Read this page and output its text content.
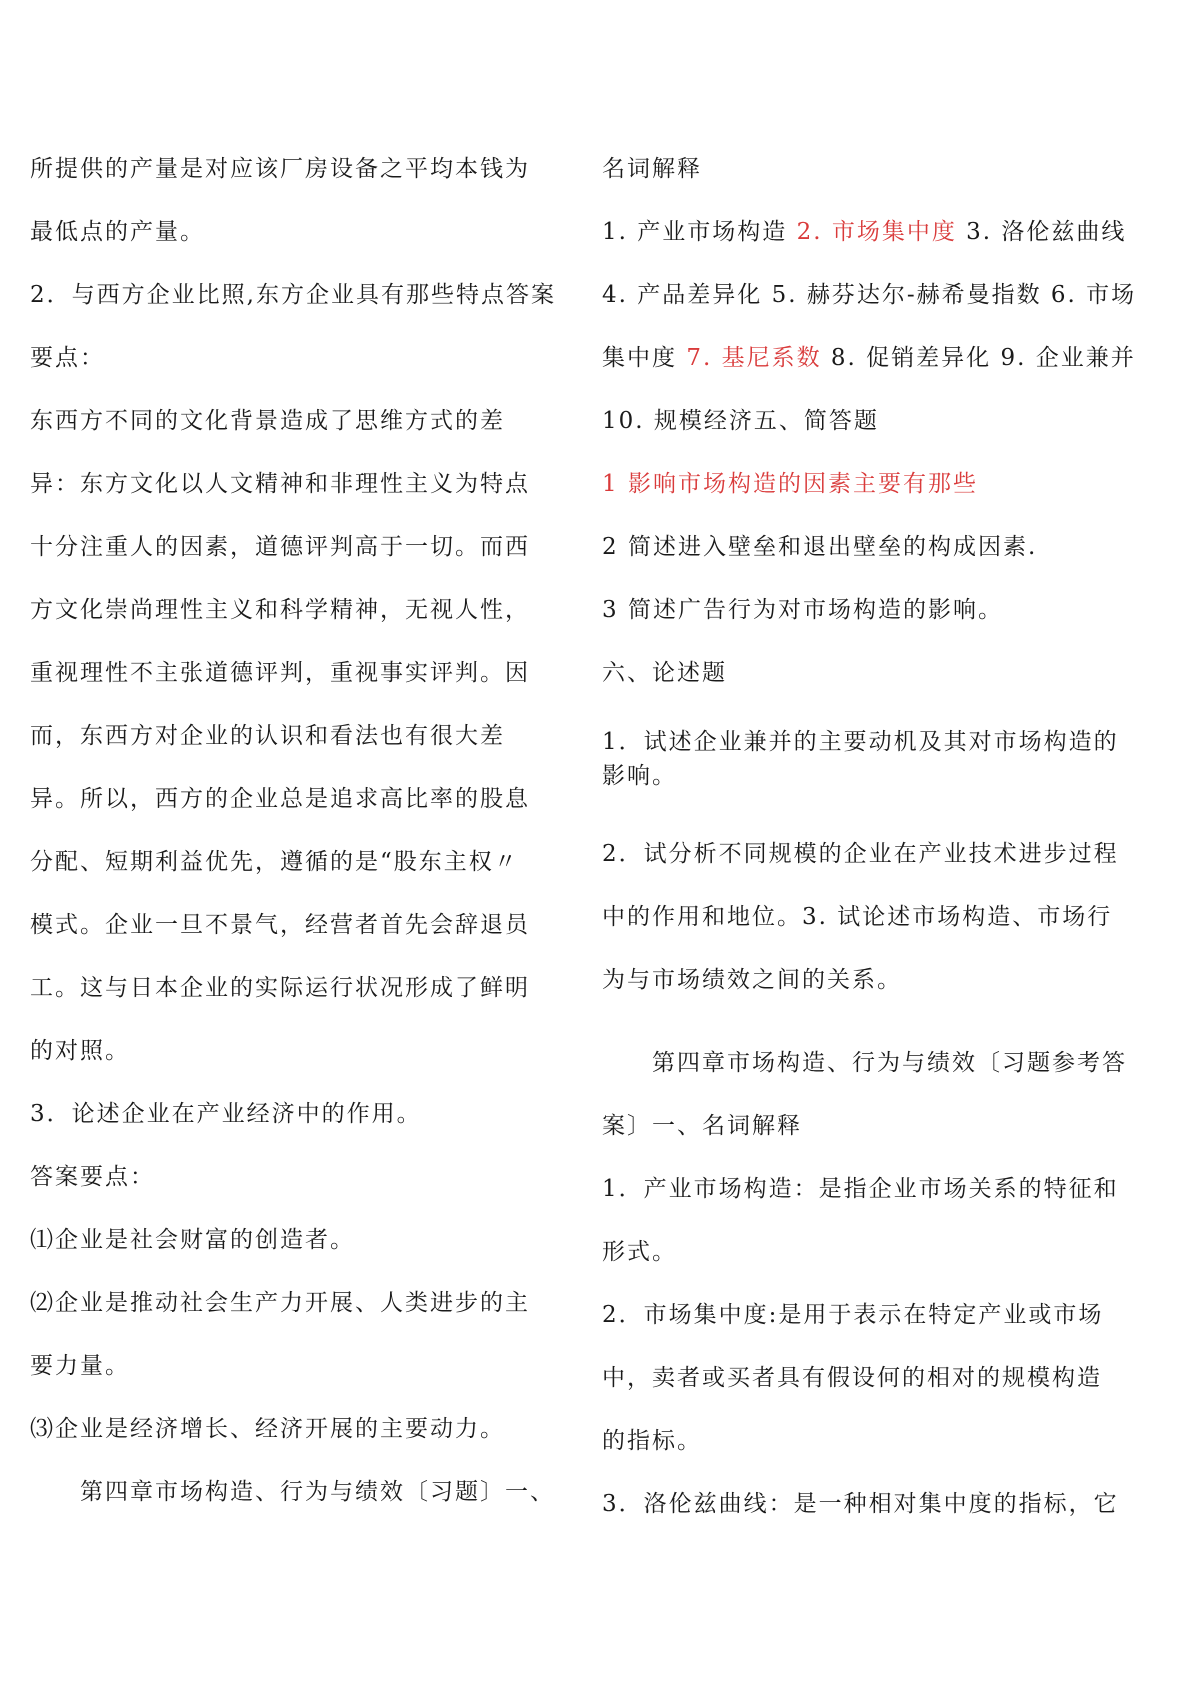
所提供的产量是对应该厂房设备之平均本钱为
最低点的产量。
2．与西方企业比照,东方企业具有那些特点答案
要点：
东西方不同的文化背景造成了思维方式的差
异：东方文化以人文精神和非理性主义为特点
十分注重人的因素，道德评判高于一切。而西
方文化崇尚理性主义和科学精神，无视人性，
重视理性不主张道德评判，重视事实评判。因
而，东西方对企业的认识和看法也有很大差
异。所以，西方的企业总是追求高比率的股息
分配、短期利益优先，遵循的是“股东主权〃
模式。企业一旦不景气，经营者首先会辞退员
工。这与日本企业的实际运行状况形成了鲜明
的对照。
3．论述企业在产业经济中的作用。
答案要点：
⑴企业是社会财富的创造者。
⑵企业是推动社会生产力开展、人类进步的主
要力量。
⑶企业是经济增长、经济开展的主要动力。
第四章市场构造、行为与绩效〔习题〕一、
名词解释
1. 产业市场构造 2. 市场集中度 3. 洛伦兹曲线
4. 产品差异化 5. 赫芬达尔-赫希曼指数 6. 市场
集中度 7. 基尼系数 8. 促销差异化 9. 企业兼并
10. 规模经济五、简答题
1 影响市场构造的因素主要有那些
2 简述进入壁垒和退出壁垒的构成因素.
3 简述广告行为对市场构造的影响。
六、论述题
1．试述企业兼并的主要动机及其对市场构造的
影响。
2．试分析不同规模的企业在产业技术进步过程
中的作用和地位。3. 试论述市场构造、市场行
为与市场绩效之间的关系。
第四章市场构造、行为与绩效〔习题参考答
案〕一、名词解释
1．产业市场构造：是指企业市场关系的特征和
形式。
2．市场集中度:是用于表示在特定产业或市场
中，卖者或买者具有假设何的相对的规模构造
的指标。
3．洛伦兹曲线：是一种相对集中度的指标，它
